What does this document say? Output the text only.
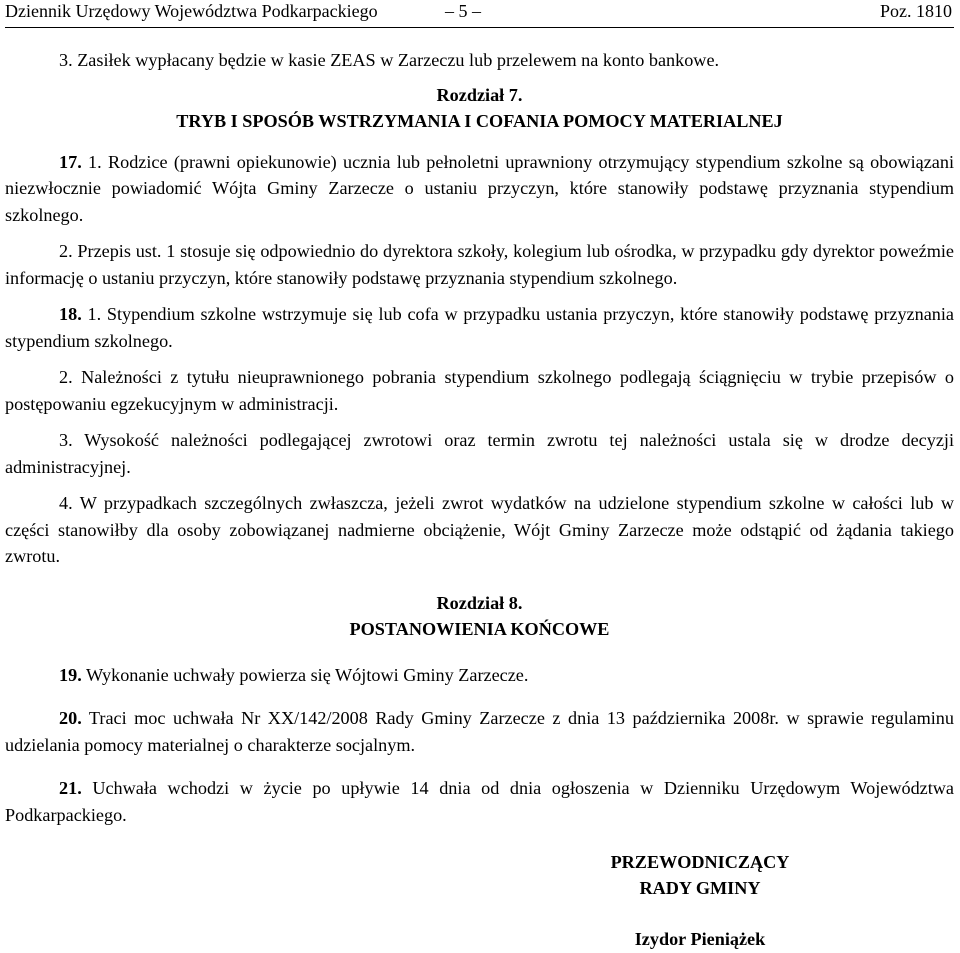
Dziennik Urzędowy Województwa Podkarpackiego	– 5 –	Poz. 1810

3. Zasiłek wypłacany będzie w kasie ZEAS w Zarzeczu lub przelewem na konto bankowe.

Rozdział 7.

TRYB I SPOSÓB WSTRZYMANIA I COFANIA POMOCY MATERIALNEJ

17. 1. Rodzice (prawni opiekunowie) ucznia lub pełnoletni uprawniony otrzymujący stypendium szkolne są obowiązani niezwłocznie powiadomić Wójta Gminy Zarzecze o ustaniu przyczyn, które stanowiły podstawę przyznania stypendium szkolnego.

2. Przepis ust. 1 stosuje się odpowiednio do dyrektora szkoły, kolegium lub ośrodka, w przypadku gdy dyrektor poweźmie informację o ustaniu przyczyn, które stanowiły podstawę przyznania stypendium szkolnego.

18. 1. Stypendium szkolne wstrzymuje się lub cofa w przypadku ustania przyczyn, które stanowiły podstawę przyznania stypendium szkolnego.

2. Należności z tytułu nieuprawnionego pobrania stypendium szkolnego podlegają ściągnięciu w trybie przepisów o postępowaniu egzekucyjnym w administracji.

3. Wysokość należności podlegającej zwrotowi oraz termin zwrotu tej należności ustala się w drodze decyzji administracyjnej.

4. W przypadkach szczególnych zwłaszcza, jeżeli zwrot wydatków na udzielone stypendium szkolne w całości lub w części stanowiłby dla osoby zobowiązanej nadmierne obciążenie, Wójt Gminy Zarzecze może odstąpić od żądania takiego zwrotu.

Rozdział 8.

POSTANOWIENIA KOŃCOWE

19. Wykonanie uchwały powierza się Wójtowi Gminy Zarzecze.

20. Traci moc uchwała Nr XX/142/2008 Rady Gminy Zarzecze z dnia 13 października 2008r. w sprawie regulaminu udzielania pomocy materialnej o charakterze socjalnym.

21. Uchwała wchodzi w życie po upływie 14 dnia od dnia ogłoszenia w Dzienniku Urzędowym Województwa Podkarpackiego.

PRZEWODNICZĄCY
RADY GMINY
Izydor Pieniążek
